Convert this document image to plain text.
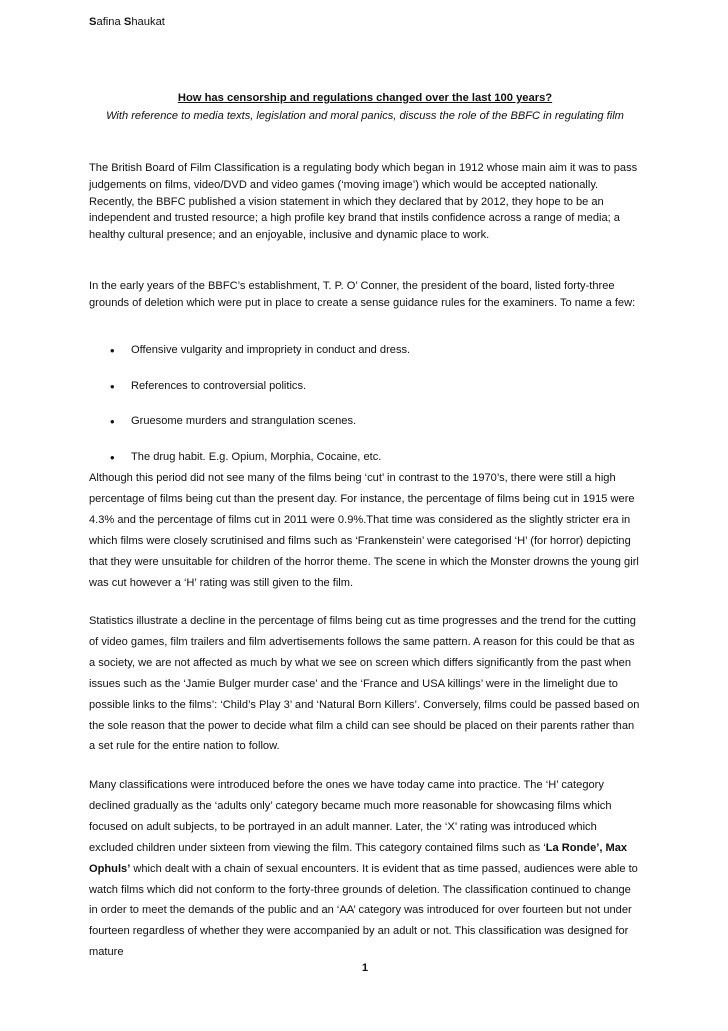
Safina Shaukat
How has censorship and regulations changed over the last 100 years?
With reference to media texts, legislation and moral panics, discuss the role of the BBFC in regulating film

The British Board of Film Classification is a regulating body which began in 1912 whose main aim it was to pass judgements on films, video/DVD and video games (‘moving image’) which would be accepted nationally. Recently, the BBFC published a vision statement in which they declared that by 2012, they hope to be an independent and trusted resource; a high profile key brand that instils confidence across a range of media; a healthy cultural presence; and an enjoyable, inclusive and dynamic place to work.

In the early years of the BBFC’s establishment, T. P. O’ Conner, the president of the board, listed forty-three grounds of deletion which were put in place to create a sense guidance rules for the examiners. To name a few:

• Offensive vulgarity and impropriety in conduct and dress.
• References to controversial politics.
• Gruesome murders and strangulation scenes.
• The drug habit. E.g. Opium, Morphia, Cocaine, etc.

Although this period did not see many of the films being ‘cut’ in contrast to the 1970’s, there were still a high percentage of films being cut than the present day. For instance, the percentage of films being cut in 1915 were 4.3% and the percentage of films cut in 2011 were 0.9%.That time was considered as the slightly stricter era in which films were closely scrutinised and films such as ‘Frankenstein’ were categorised ‘H’ (for horror) depicting that they were unsuitable for children of the horror theme. The scene in which the Monster drowns the young girl was cut however a ‘H’ rating was still given to the film.

Statistics illustrate a decline in the percentage of films being cut as time progresses and the trend for the cutting of video games, film trailers and film advertisements follows the same pattern. A reason for this could be that as a society, we are not affected as much by what we see on screen which differs significantly from the past when issues such as the ‘Jamie Bulger murder case’ and the ‘France and USA killings’ were in the limelight due to possible links to the films’: ‘Child’s Play 3’ and ‘Natural Born Killers’. Conversely, films could be passed based on the sole reason that the power to decide what film a child can see should be placed on their parents rather than a set rule for the entire nation to follow.

Many classifications were introduced before the ones we have today came into practice. The ‘H’ category declined gradually as the ‘adults only’ category became much more reasonable for showcasing films which focused on adult subjects, to be portrayed in an adult manner. Later, the ‘X’ rating was introduced which excluded children under sixteen from viewing the film. This category contained films such as ‘La Ronde’, Max Ophuls’ which dealt with a chain of sexual encounters. It is evident that as time passed, audiences were able to watch films which did not conform to the forty-three grounds of deletion. The classification continued to change in order to meet the demands of the public and an ‘AA’ category was introduced for over fourteen but not under fourteen regardless of whether they were accompanied by an adult or not. This classification was designed for mature

1
